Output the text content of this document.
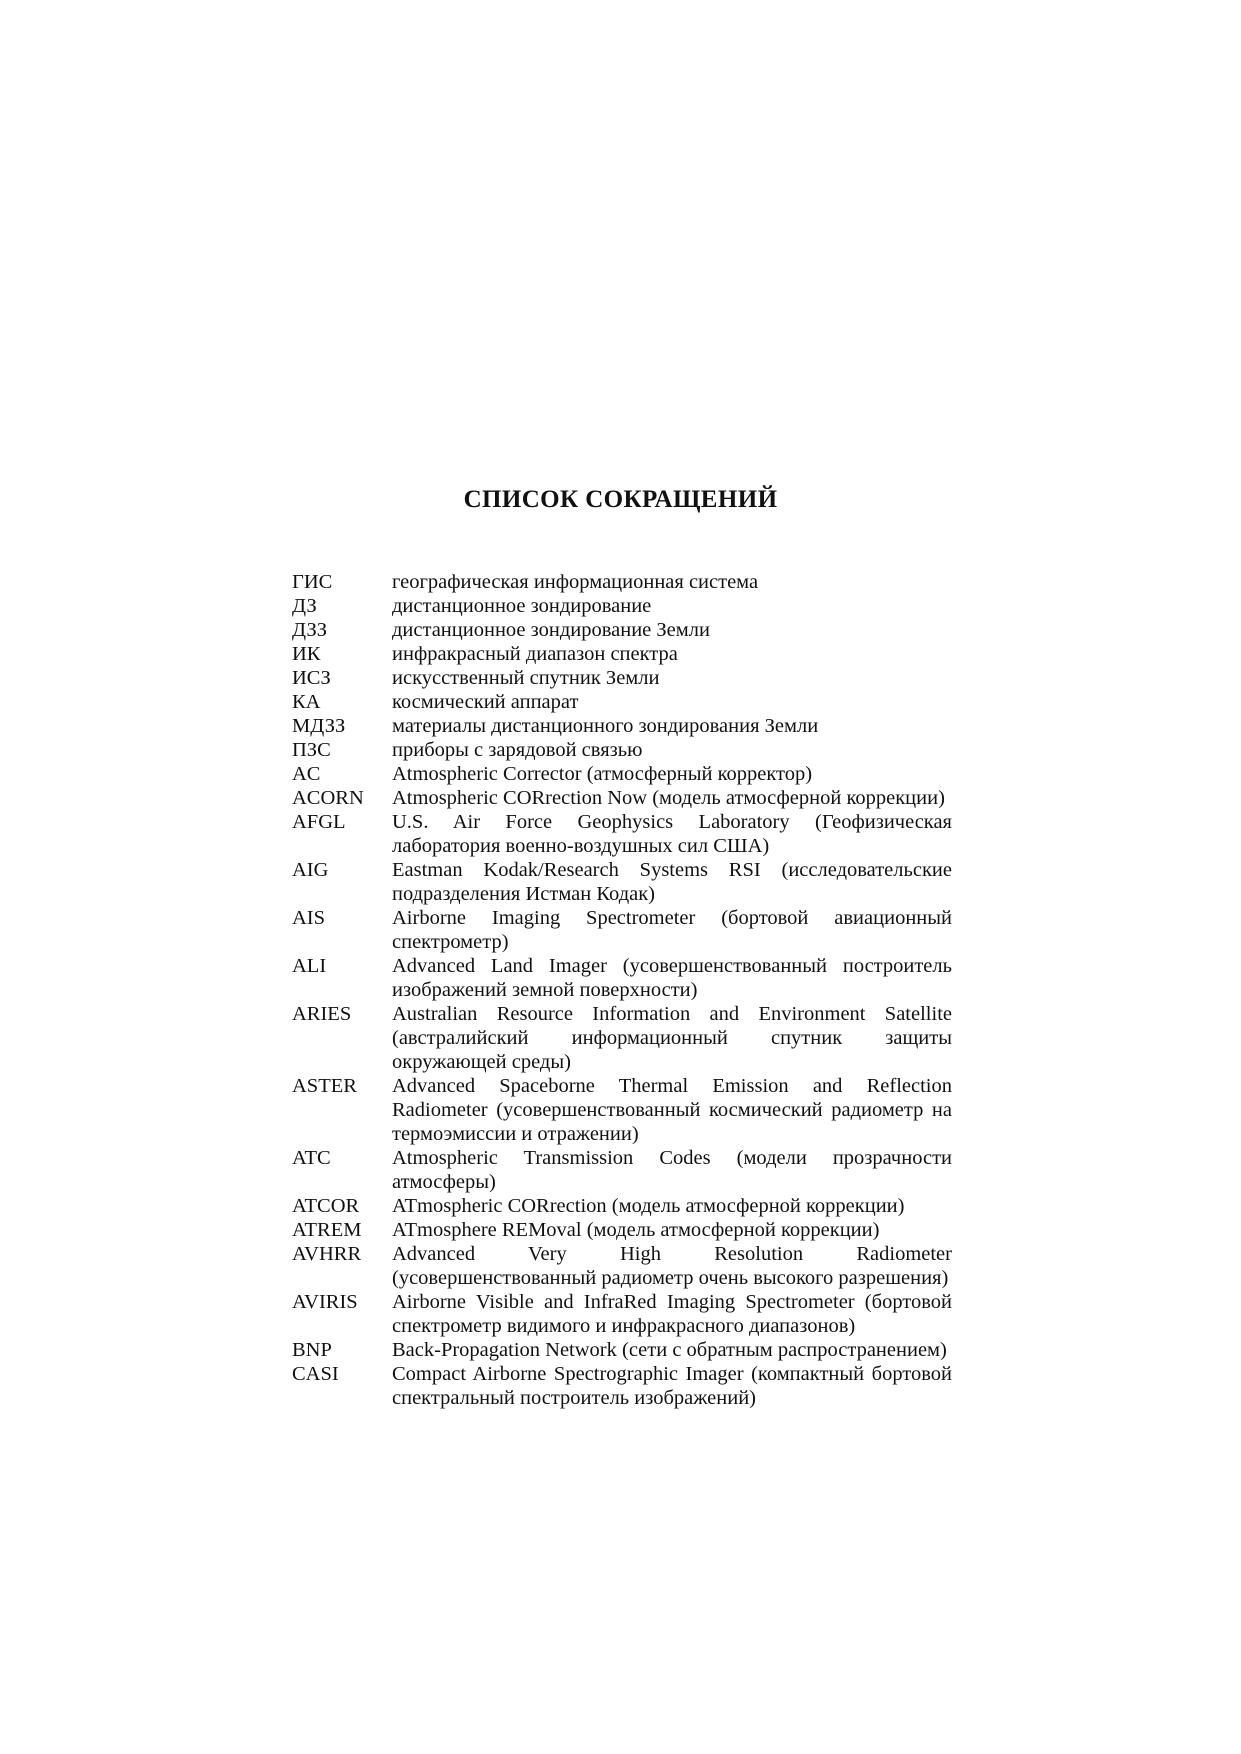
СПИСОК СОКРАЩЕНИЙ
ГИС	географическая информационная система
ДЗ	дистанционное зондирование
ДЗЗ	дистанционное зондирование Земли
ИК	инфракрасный диапазон спектра
ИСЗ	искусственный спутник Земли
КА	космический аппарат
МДЗЗ	материалы дистанционного зондирования Земли
ПЗС	приборы с зарядовой связью
AC	Atmospheric Corrector (атмосферный корректор)
ACORN	Atmospheric CORrection Now (модель атмосферной коррекции)
AFGL	U.S. Air Force Geophysics Laboratory (Геофизическая лаборатория военно-воздушных сил США)
AIG	Eastman Kodak/Research Systems RSI (исследовательские подразделения Истман Кодак)
AIS	Airborne Imaging Spectrometer (бортовой авиационный спектрометр)
ALI	Advanced Land Imager (усовершенствованный построитель изображений земной поверхности)
ARIES	Australian Resource Information and Environment Satellite (австралийский информационный спутник защиты окружающей среды)
ASTER	Advanced Spaceborne Thermal Emission and Reflection Radiometer (усовершенствованный космический радиометр на термоэмиссии и отражении)
ATC	Atmospheric Transmission Codes (модели прозрачности атмосферы)
ATCOR	ATmospheric CORrection (модель атмосферной коррекции)
ATREM	ATmosphere REMoval (модель атмосферной коррекции)
AVHRR	Advanced Very High Resolution Radiometer (усовершенствованный радиометр очень высокого разрешения)
AVIRIS	Airborne Visible and InfraRed Imaging Spectrometer (бортовой спектрометр видимого и инфракрасного диапазонов)
BNP	Back-Propagation Network (сети с обратным распространением)
CASI	Compact Airborne Spectrographic Imager (компактный бортовой спектральный построитель изображений)
